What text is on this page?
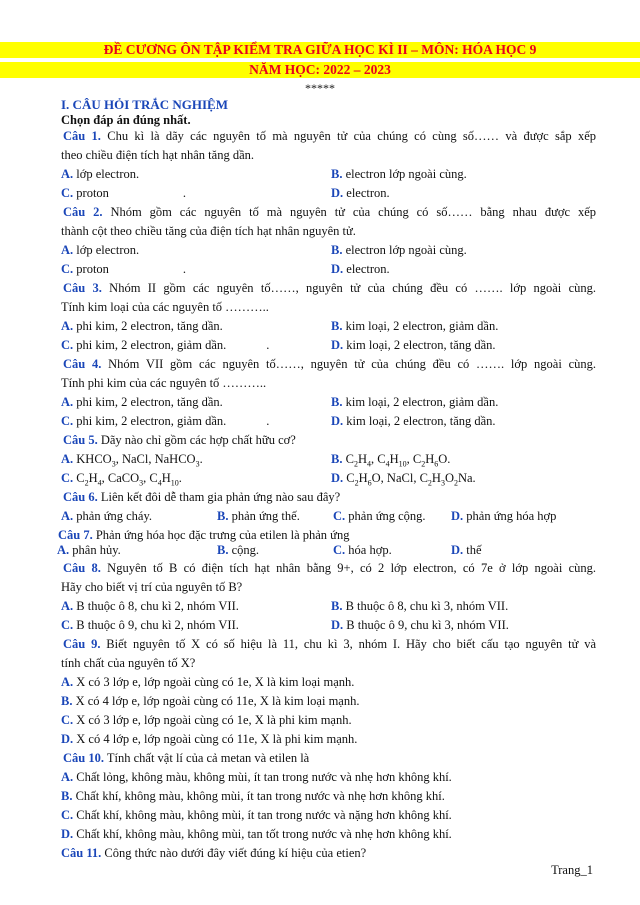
ĐỀ CƯƠNG ÔN TẬP KIỂM TRA GIỮA HỌC KÌ II – MÔN: HÓA HỌC 9
NĂM HỌC: 2022 – 2023
*****
I. CÂU HỎI TRẮC NGHIỆM
Chọn đáp án đúng nhất.
Câu 1. Chu kì là dãy các nguyên tố mà nguyên tử của chúng có cùng số…… và được sắp xếp
theo chiều điện tích hạt nhân tăng dần.
A. lớp electron.	B. electron lớp ngoài cùng.
C. proton	.	D. electron.
Câu 2. Nhóm gồm các nguyên tố mà nguyên tử của chúng có số…… bằng nhau được xếp
thành cột theo chiều tăng của điện tích hạt nhân nguyên tử.
A. lớp electron.	B. electron lớp ngoài cùng.
C. proton	.	D. electron.
Câu 3. Nhóm II gồm các nguyên tố……, nguyên tử của chúng đều có ……. lớp ngoài cùng.
Tính kim loại của các nguyên tố ………..
A. phi kim, 2 electron, tăng dần.	B. kim loại, 2 electron, giảm dần.
C. phi kim, 2 electron, giảm dần.	.	D. kim loại, 2 electron, tăng dần.
Câu 4. Nhóm VII gồm các nguyên tố……, nguyên tử của chúng đều có ……. lớp ngoài cùng.
Tính phi kim của các nguyên tố ………..
A. phi kim, 2 electron, tăng dần.	B. kim loại, 2 electron, giảm dần.
C. phi kim, 2 electron, giảm dần.	.	D. kim loại, 2 electron, tăng dần.
Câu 5. Dãy nào chỉ gồm các hợp chất hữu cơ?
A. $KHCO_3$, NaCl, NaHCO$_3$.	B. $C_2H_4$, $C_4H_{10}$, $C_2H_6O$.
C. $C_2H_4$, CaCO$_3$, $C_4H_{10}$.	D. $C_2H_6O$, NaCl, $C_2H_3O_2Na$.
Câu 6. Liên kết đôi dễ tham gia phản ứng nào sau đây?
A. phản ứng cháy.	B. phản ứng thế.	C. phản ứng cộng. D. phản ứng hóa hợp
Câu 7. Phản ứng hóa học đặc trưng của etilen là phản ứng
A. phân hủy.	B. cộng.	C. hóa hợp.	D. thế
Câu 8. Nguyên tố B có điện tích hạt nhân bằng 9+, có 2 lớp electron, có 7e ở lớp ngoài cùng.
Hãy cho biết vị trí của nguyên tố B?
A. B thuộc ô 8, chu kì 2, nhóm VII.	B. B thuộc ô 8, chu kì 3, nhóm VII.
C. B thuộc ô 9, chu kì 2, nhóm VII.	D. B thuộc ô 9, chu kì 3, nhóm VII.
Câu 9. Biết nguyên tố X có số hiệu là 11, chu kì 3, nhóm I. Hãy cho biết cấu tạo nguyên tử và
tính chất của nguyên tố X?
A. X có 3 lớp e, lớp ngoài cùng có 1e, X là kim loại mạnh.
B. X có 4 lớp e, lớp ngoài cùng có 11e, X là kim loại mạnh.
C. X có 3 lớp e, lớp ngoài cùng có 1e, X là phi kim mạnh.
D. X có 4 lớp e, lớp ngoài cùng có 11e, X là phi kim mạnh.
Câu 10. Tính chất vật lí của cả metan và etilen là
A. Chất lỏng, không màu, không mùi, ít tan trong nước và nhẹ hơn không khí.
B. Chất khí, không màu, không mùi, ít tan trong nước và nhẹ hơn không khí.
C. Chất khí, không màu, không mùi, ít tan trong nước và nặng hơn không khí.
D. Chất khí, không màu, không mùi, tan tốt trong nước và nhẹ hơn không khí.
Câu 11. Công thức nào dưới đây viết đúng kí hiệu của etien?
Trang_1
